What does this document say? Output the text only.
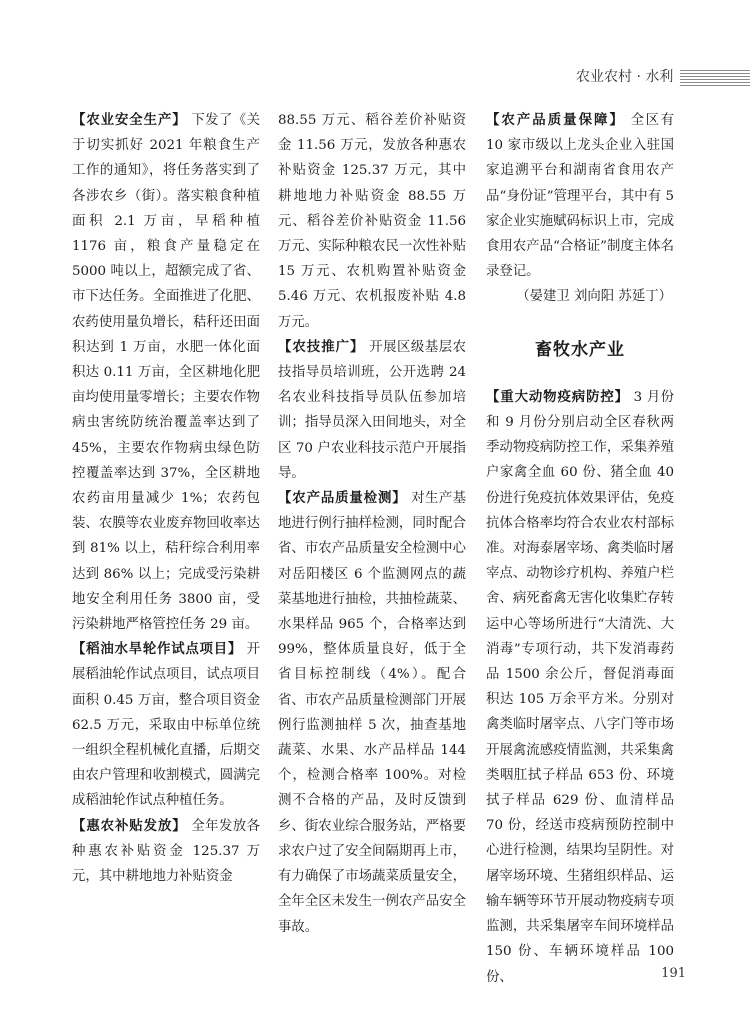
农业农村 · 水利

【农业安全生产】 下发了《关于切实抓好 2021 年粮食生产工作的通知》，将任务落实到了各涉农乡（街）。落实粮食种植面积 2.1 万亩，早稻种植 1176 亩，粮食产量稳定在 5000 吨以上，超额完成了省、市下达任务。全面推进了化肥、农药使用量负增长，秸秆还田面积达到 1 万亩，水肥一体化面积达 0.11 万亩，全区耕地化肥亩均使用量零增长；主要农作物病虫害统防统治覆盖率达到了 45%，主要农作物病虫绿色防控覆盖率达到 37%，全区耕地农药亩用量减少 1%；农药包装、农膜等农业废弃物回收率达到 81% 以上，秸秆综合利用率达到 86% 以上；完成受污染耕地安全利用任务 3800 亩，受污染耕地严格管控任务 29 亩。

【稻油水旱轮作试点项目】 开展稻油轮作试点项目，试点项目面积 0.45 万亩，整合项目资金 62.5 万元，采取由中标单位统一组织全程机械化直播，后期交由农户管理和收割模式，圆满完成稻油轮作试点种植任务。

【惠农补贴发放】 全年发放各种惠农补贴资金 125.37 万元，其中耕地地力补贴资金

88.55 万元、稻谷差价补贴资金 11.56 万元，发放各种惠农补贴资金 125.37 万元，其中耕地地力补贴资金 88.55 万元、稻谷差价补贴资金 11.56 万元、实际种粮农民一次性补贴 15 万元、农机购置补贴资金 5.46 万元、农机报废补贴 4.8 万元。

【农技推广】 开展区级基层农技指导员培训班，公开选聘 24 名农业科技指导员队伍参加培训；指导员深入田间地头，对全区 70 户农业科技示范户开展指导。

【农产品质量检测】 对生产基地进行例行抽样检测，同时配合省、市农产品质量安全检测中心对岳阳楼区 6 个监测网点的蔬菜基地进行抽检，共抽检蔬菜、水果样品 965 个，合格率达到 99%，整体质量良好，低于全省目标控制线（4%）。配合省、市农产品质量检测部门开展例行监测抽样 5 次，抽查基地蔬菜、水果、水产品样品 144 个，检测合格率 100%。对检测不合格的产品，及时反馈到乡、街农业综合服务站，严格要求农户过了安全间隔期再上市，有力确保了市场蔬菜质量安全，全年全区未发生一例农产品安全事故。

【农产品质量保障】 全区有 10 家市级以上龙头企业入驻国家追溯平台和湖南省食用农产品“身份证”管理平台，其中有 5 家企业实施赋码标识上市，完成食用农产品“合格证”制度主体名录登记。

（晏建卫 刘向阳 苏延丁）

畜牧水产业

【重大动物疫病防控】 3 月份和 9 月份分别启动全区春秋两季动物疫病防控工作，采集养殖户家禽全血 60 份、猪全血 40 份进行免疫抗体效果评估，免疫抗体合格率均符合农业农村部标准。对海泰屠宰场、禽类临时屠宰点、动物诊疗机构、养殖户栏舍、病死畜禽无害化收集贮存转运中心等场所进行“大清洗、大消毒”专项行动，共下发消毒药品 1500 余公斤，督促消毒面积达 105 万余平方米。分别对禽类临时屠宰点、八字门等市场开展禽流感疫情监测，共采集禽类咽肛拭子样品 653 份、环境拭子样品 629 份、血清样品 70 份，经送市疫病预防控制中心进行检测，结果均呈阴性。对屠宰场环境、生猪组织样品、运输车辆等环节开展动物疫病专项监测，共采集屠宰车间环境样品 150 份、车辆环境样品 100 份、	191
